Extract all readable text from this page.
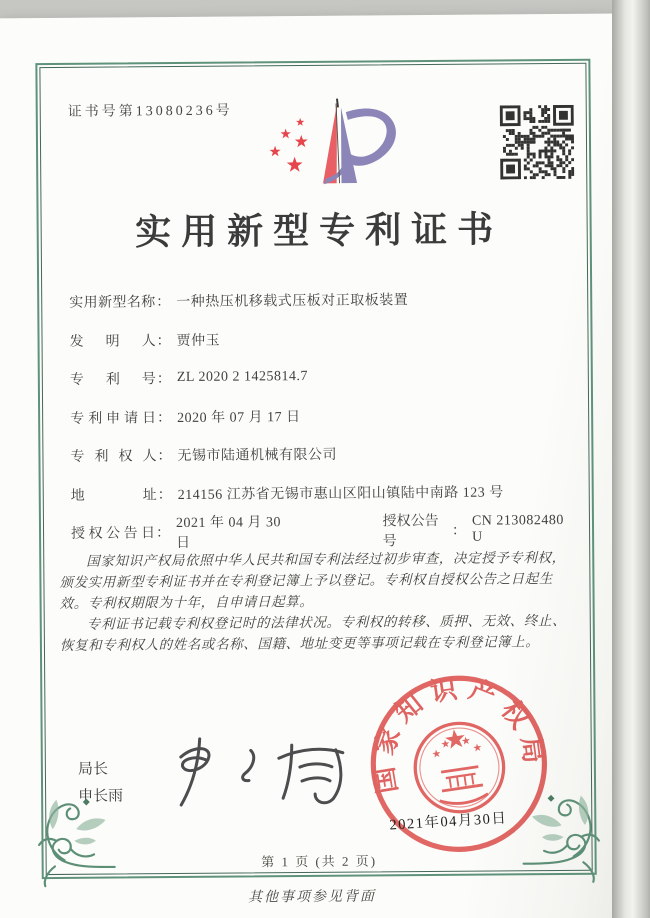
证书号第13080236号
实用新型专利证书
实用新型名称 ： 一种热压机移载式压板对正取板装置
发明人 ： 贾仲玉
专利号 ： ZL 2020 2 1425814.7
专利申请日 ： 2020 年 07 月 17 日
专利权人 ： 无锡市陆通机械有限公司
地址 ： 214156 江苏省无锡市惠山区阳山镇陆中南路 123 号
授权公告日 ：
2021 年 04 月 30 日
授权公告号
：
CN 213082480 U

国家知识产权局依照中华人民共和国专利法经过初步审查，决定授予专利权，颁发实用新型专利证书并在专利登记簿上予以登记。专利权自授权公告之日起生效。专利权期限为十年，自申请日起算。

专利证书记载专利权登记时的法律状况。专利权的转移、质押、无效、终止、恢复和专利权人的姓名或名称、国籍、地址变更等事项记载在专利登记簿上。

局长
申长雨
国家知识产权局
2021年04月30日
第 1 页 (共 2 页)
其他事项参见背面
